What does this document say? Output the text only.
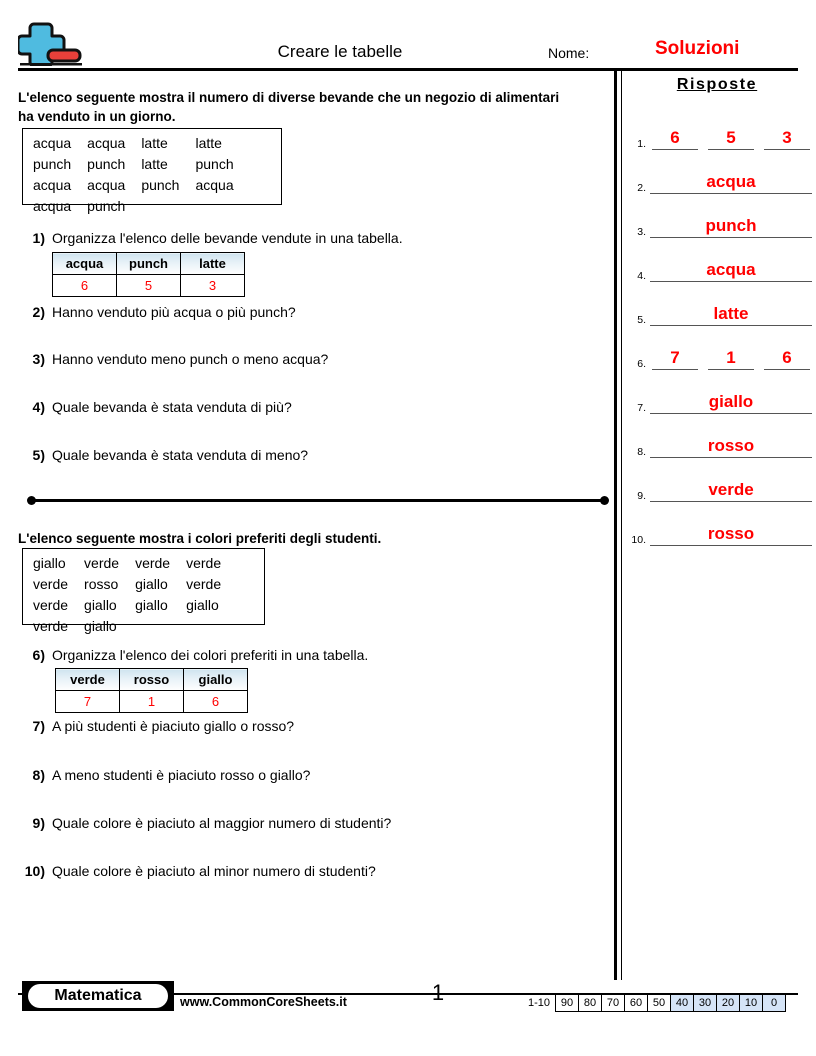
Creare le tabelle	Nome:	Soluzioni
L'elenco seguente mostra il numero di diverse bevande che un negozio di alimentari ha venduto in un giorno.
acqua	acqua	latte	latte
punch	punch	latte	punch
acqua	acqua	punch	acqua
acqua	punch		
1) Organizza l'elenco delle bevande vendute in una tabella.
acqua	punch	latte
6	5	3
2) Hanno venduto più acqua o più punch?
3) Hanno venduto meno punch o meno acqua?
4) Quale bevanda è stata venduta di più?
5) Quale bevanda è stata venduta di meno?
L'elenco seguente mostra i colori preferiti degli studenti.
giallo	verde	verde	verde
verde	rosso	giallo	verde
verde	giallo	giallo	giallo
verde	giallo		
6) Organizza l'elenco dei colori preferiti in una tabella.
verde	rosso	giallo
7	1	6
7) A più studenti è piaciuto giallo o rosso?
8) A meno studenti è piaciuto rosso o giallo?
9) Quale colore è piaciuto al maggior numero di studenti?
10) Quale colore è piaciuto al minor numero di studenti?
Risposte
1.	6	5	3
2.	acqua
3.	punch
4.	acqua
5.	latte
6.	7	1	6
7.	giallo
8.	rosso
9.	verde
10.	rosso
Matematica	www.CommonCoreSheets.it	1	1-10 90	80	70	60	50	40	30	20	10	0
